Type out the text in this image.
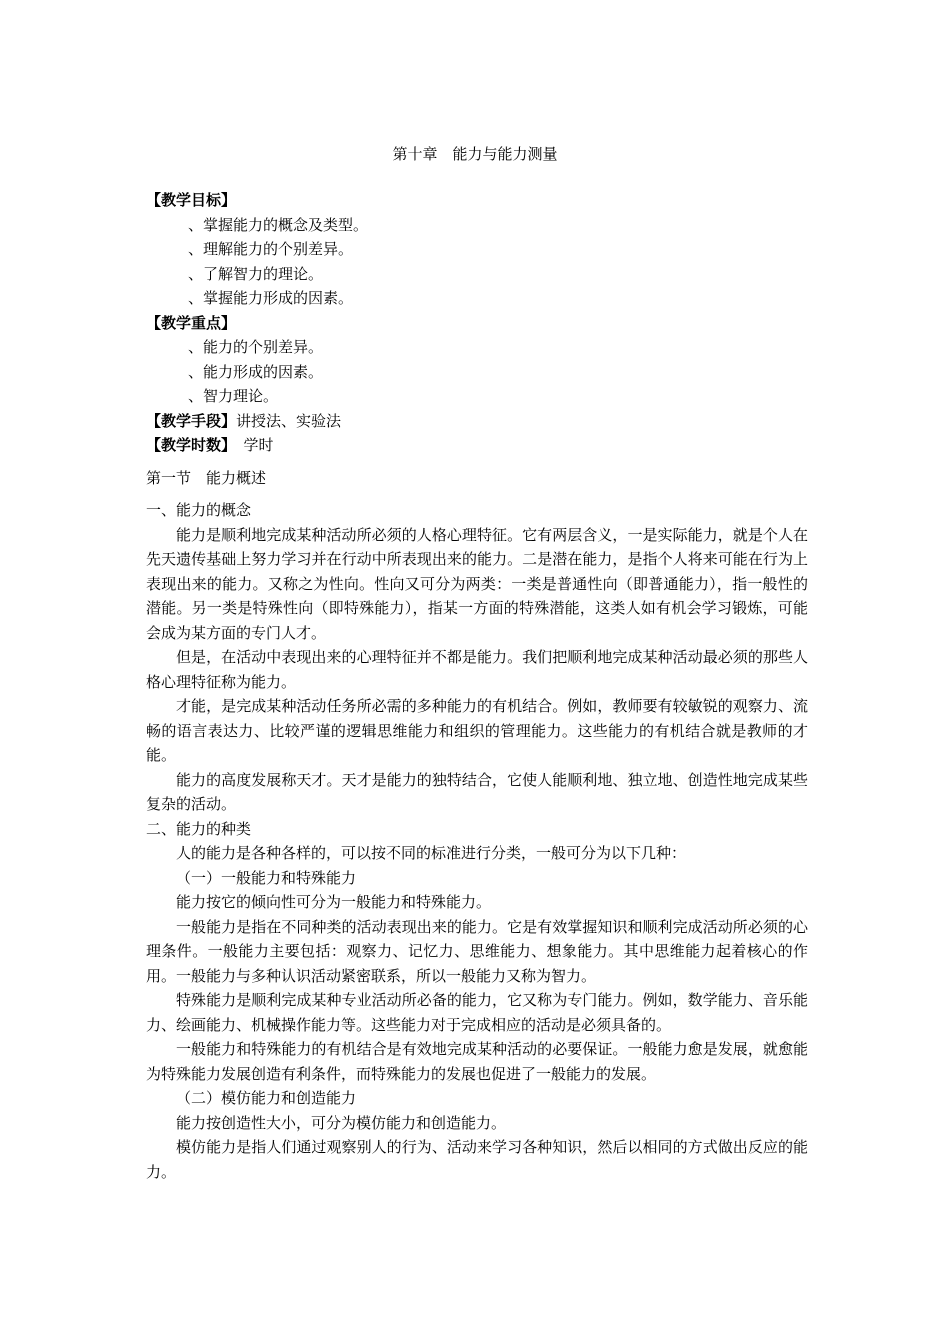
第十章　能力与能力测量
【教学目标】
、掌握能力的概念及类型。
、理解能力的个别差异。
、了解智力的理论。
、掌握能力形成的因素。
【教学重点】
、能力的个别差异。
、能力形成的因素。
、智力理论。
【教学手段】讲授法、实验法
【教学时数】　学时
第一节　能力概述
一、能力的概念

能力是顺利地完成某种活动所必须的人格心理特征。它有两层含义，一是实际能力，就是个人在先天遗传基础上努力学习并在行动中所表现出来的能力。二是潜在能力，是指个人将来可能在行为上表现出来的能力。又称之为性向。性向又可分为两类：一类是普通性向（即普通能力），指一般性的潜能。另一类是特殊性向（即特殊能力），指某一方面的特殊潜能，这类人如有机会学习锻炼，可能会成为某方面的专门人才。

但是，在活动中表现出来的心理特征并不都是能力。我们把顺利地完成某种活动最必须的那些人格心理特征称为能力。

才能，是完成某种活动任务所必需的多种能力的有机结合。例如，教师要有较敏锐的观察力、流畅的语言表达力、比较严谨的逻辑思维能力和组织的管理能力。这些能力的有机结合就是教师的才能。

能力的高度发展称天才。天才是能力的独特结合，它使人能顺利地、独立地、创造性地完成某些复杂的活动。

二、能力的种类

人的能力是各种各样的，可以按不同的标准进行分类，一般可分为以下几种：

（一）一般能力和特殊能力

能力按它的倾向性可分为一般能力和特殊能力。

一般能力是指在不同种类的活动表现出来的能力。它是有效掌握知识和顺利完成活动所必须的心理条件。一般能力主要包括：观察力、记忆力、思维能力、想象能力。其中思维能力起着核心的作用。一般能力与多种认识活动紧密联系，所以一般能力又称为智力。

特殊能力是顺利完成某种专业活动所必备的能力，它又称为专门能力。例如，数学能力、音乐能力、绘画能力、机械操作能力等。这些能力对于完成相应的活动是必须具备的。

一般能力和特殊能力的有机结合是有效地完成某种活动的必要保证。一般能力愈是发展，就愈能为特殊能力发展创造有利条件，而特殊能力的发展也促进了一般能力的发展。

（二）模仿能力和创造能力

能力按创造性大小，可分为模仿能力和创造能力。

模仿能力是指人们通过观察别人的行为、活动来学习各种知识，然后以相同的方式做出反应的能力。
